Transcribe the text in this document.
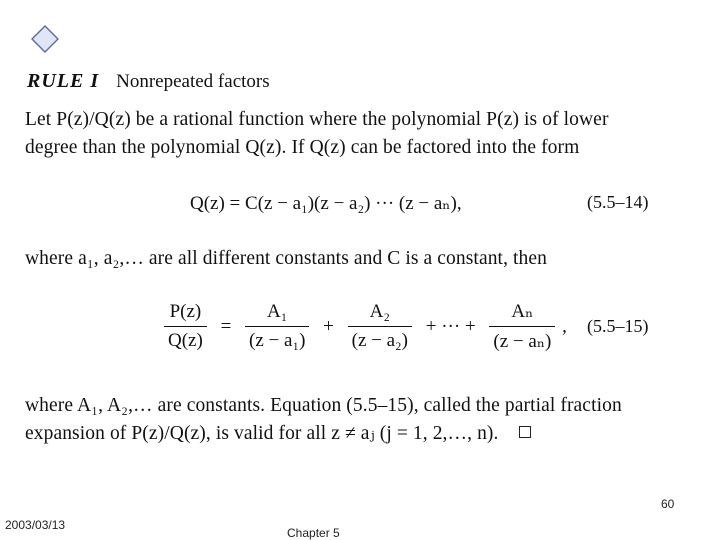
RULE I Nonrepeated factors
Let P(z)/Q(z) be a rational function where the polynomial P(z) is of lower
degree than the polynomial Q(z). If Q(z) can be factored into the form
Q(z) = C(z − a₁)(z − a₂) ··· (z − aₙ),	(5.5–14)
where a₁, a₂,… are all different constants and C is a constant, then
$\frac{P(z)}{Q(z)} = \frac{\text{A₁}}{\text{(z − a₁)}} + \frac{\text{A₂}}{\text{(z − a₂)}}$ + ··· + $\frac{\text{Aₙ}}{\text{(z − aₙ)}}$ ,	(5.5–15)
where A₁, A₂,… are constants. Equation (5.5–15), called the partial fraction
expansion of P(z)/Q(z), is valid for all z ≠ aⱼ (j = 1, 2,…, n).
60
2003/03/13
Chapter 5
